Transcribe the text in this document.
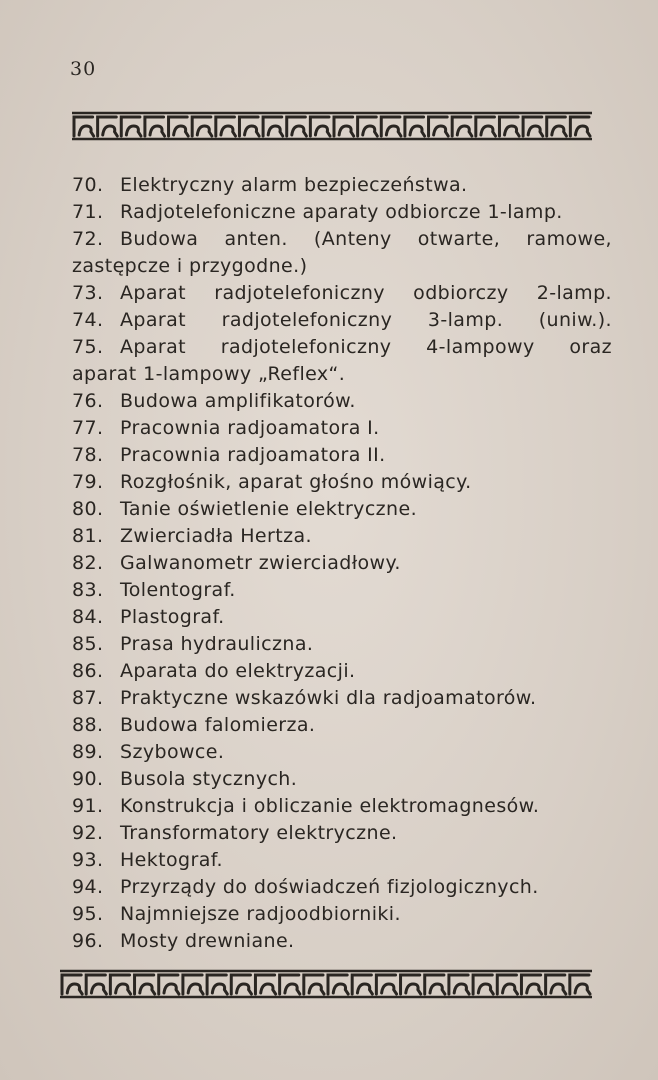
30
70. Elektryczny alarm bezpieczeństwa.
71. Radjotelefoniczne aparaty odbiorcze 1-lamp.
72. Budowa anten. (Anteny otwarte, ramowe,
zastępcze i przygodne.)
73. Aparat radjotelefoniczny odbiorczy 2-lamp.
74. Aparat radjotelefoniczny 3-lamp. (uniw.).
75. Aparat radjotelefoniczny 4-lampowy oraz
aparat 1-lampowy „Reflex“.
76. Budowa amplifikatorów.
77. Pracownia radjoamatora I.
78. Pracownia radjoamatora II.
79. Rozgłośnik, aparat głośno mówiący.
80. Tanie oświetlenie elektryczne.
81. Zwierciadła Hertza.
82. Galwanometr zwierciadłowy.
83. Tolentograf.
84. Plastograf.
85. Prasa hydrauliczna.
86. Aparata do elektryzacji.
87. Praktyczne wskazówki dla radjoamatorów.
88. Budowa falomierza.
89. Szybowce.
90. Busola stycznych.
91. Konstrukcja i obliczanie elektromagnesów.
92. Transformatory elektryczne.
93. Hektograf.
94. Przyrządy do doświadczeń fizjologicznych.
95. Najmniejsze radjoodbiorniki.
96. Mosty drewniane.
